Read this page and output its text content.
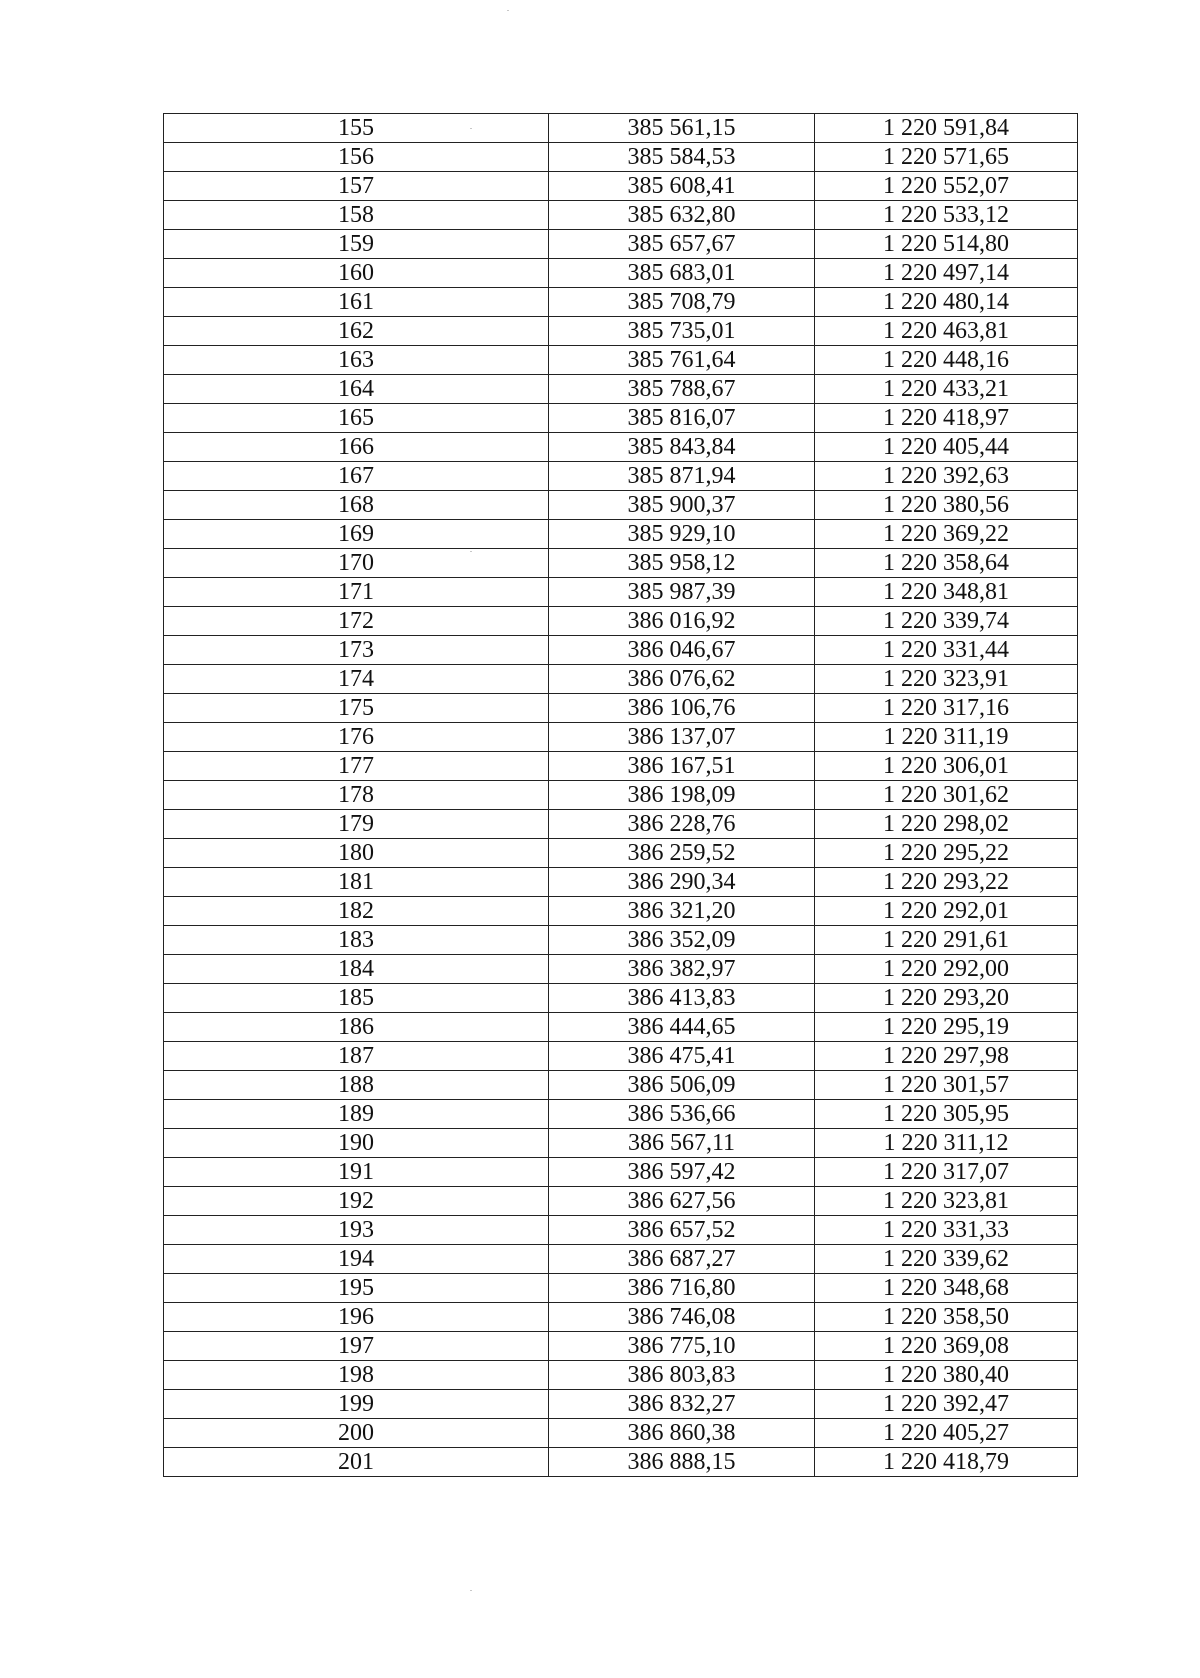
155	385 561,15	1 220 591,84
156	385 584,53	1 220 571,65
157	385 608,41	1 220 552,07
158	385 632,80	1 220 533,12
159	385 657,67	1 220 514,80
160	385 683,01	1 220 497,14
161	385 708,79	1 220 480,14
162	385 735,01	1 220 463,81
163	385 761,64	1 220 448,16
164	385 788,67	1 220 433,21
165	385 816,07	1 220 418,97
166	385 843,84	1 220 405,44
167	385 871,94	1 220 392,63
168	385 900,37	1 220 380,56
169	385 929,10	1 220 369,22
170	385 958,12	1 220 358,64
171	385 987,39	1 220 348,81
172	386 016,92	1 220 339,74
173	386 046,67	1 220 331,44
174	386 076,62	1 220 323,91
175	386 106,76	1 220 317,16
176	386 137,07	1 220 311,19
177	386 167,51	1 220 306,01
178	386 198,09	1 220 301,62
179	386 228,76	1 220 298,02
180	386 259,52	1 220 295,22
181	386 290,34	1 220 293,22
182	386 321,20	1 220 292,01
183	386 352,09	1 220 291,61
184	386 382,97	1 220 292,00
185	386 413,83	1 220 293,20
186	386 444,65	1 220 295,19
187	386 475,41	1 220 297,98
188	386 506,09	1 220 301,57
189	386 536,66	1 220 305,95
190	386 567,11	1 220 311,12
191	386 597,42	1 220 317,07
192	386 627,56	1 220 323,81
193	386 657,52	1 220 331,33
194	386 687,27	1 220 339,62
195	386 716,80	1 220 348,68
196	386 746,08	1 220 358,50
197	386 775,10	1 220 369,08
198	386 803,83	1 220 380,40
199	386 832,27	1 220 392,47
200	386 860,38	1 220 405,27
201	386 888,15	1 220 418,79
